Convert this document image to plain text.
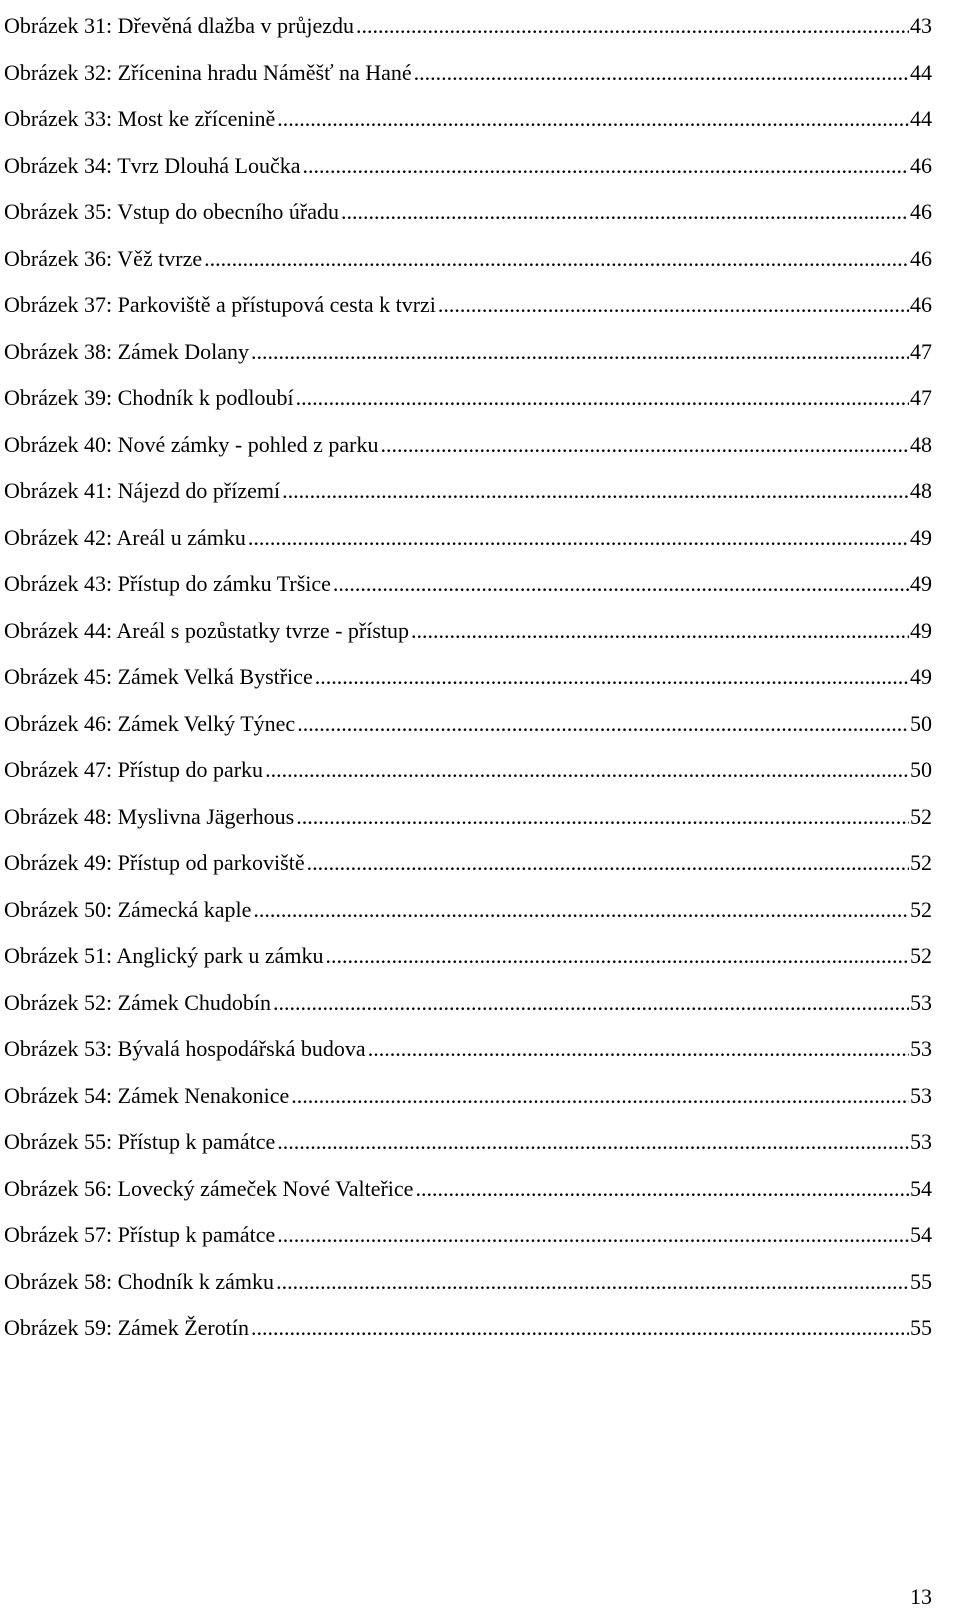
Obrázek 31: Dřevěná dlažba v průjezdu .....	43
Obrázek 32: Zřícenina hradu Náměšť na Hané .....	44
Obrázek 33: Most ke zřícenině .....	44
Obrázek 34: Tvrz Dlouhá Loučka .....	46
Obrázek 35: Vstup do obecního úřadu .....	46
Obrázek 36: Věž tvrze .....	46
Obrázek 37: Parkoviště a přístupová cesta k tvrzi .....	46
Obrázek 38: Zámek Dolany .....	47
Obrázek 39: Chodník k podloubí .....	47
Obrázek 40: Nové zámky - pohled z parku .....	48
Obrázek 41: Nájezd do přízemí .....	48
Obrázek 42: Areál u zámku .....	49
Obrázek 43: Přístup do zámku Tršice .....	49
Obrázek 44: Areál s pozůstatky tvrze - přístup .....	49
Obrázek 45: Zámek Velká Bystřice .....	49
Obrázek 46: Zámek Velký Týnec .....	50
Obrázek 47: Přístup do parku .....	50
Obrázek 48: Myslivna Jägerhous .....	52
Obrázek 49: Přístup od parkoviště .....	52
Obrázek 50: Zámecká kaple .....	52
Obrázek 51: Anglický park u zámku .....	52
Obrázek 52: Zámek Chudobín .....	53
Obrázek 53: Bývalá hospodářská budova .....	53
Obrázek 54: Zámek Nenakonice .....	53
Obrázek 55: Přístup k památce .....	53
Obrázek 56: Lovecký zámeček Nové Valteřice .....	54
Obrázek 57: Přístup k památce .....	54
Obrázek 58: Chodník k zámku .....	55
Obrázek 59: Zámek Žerotín .....	55
13
